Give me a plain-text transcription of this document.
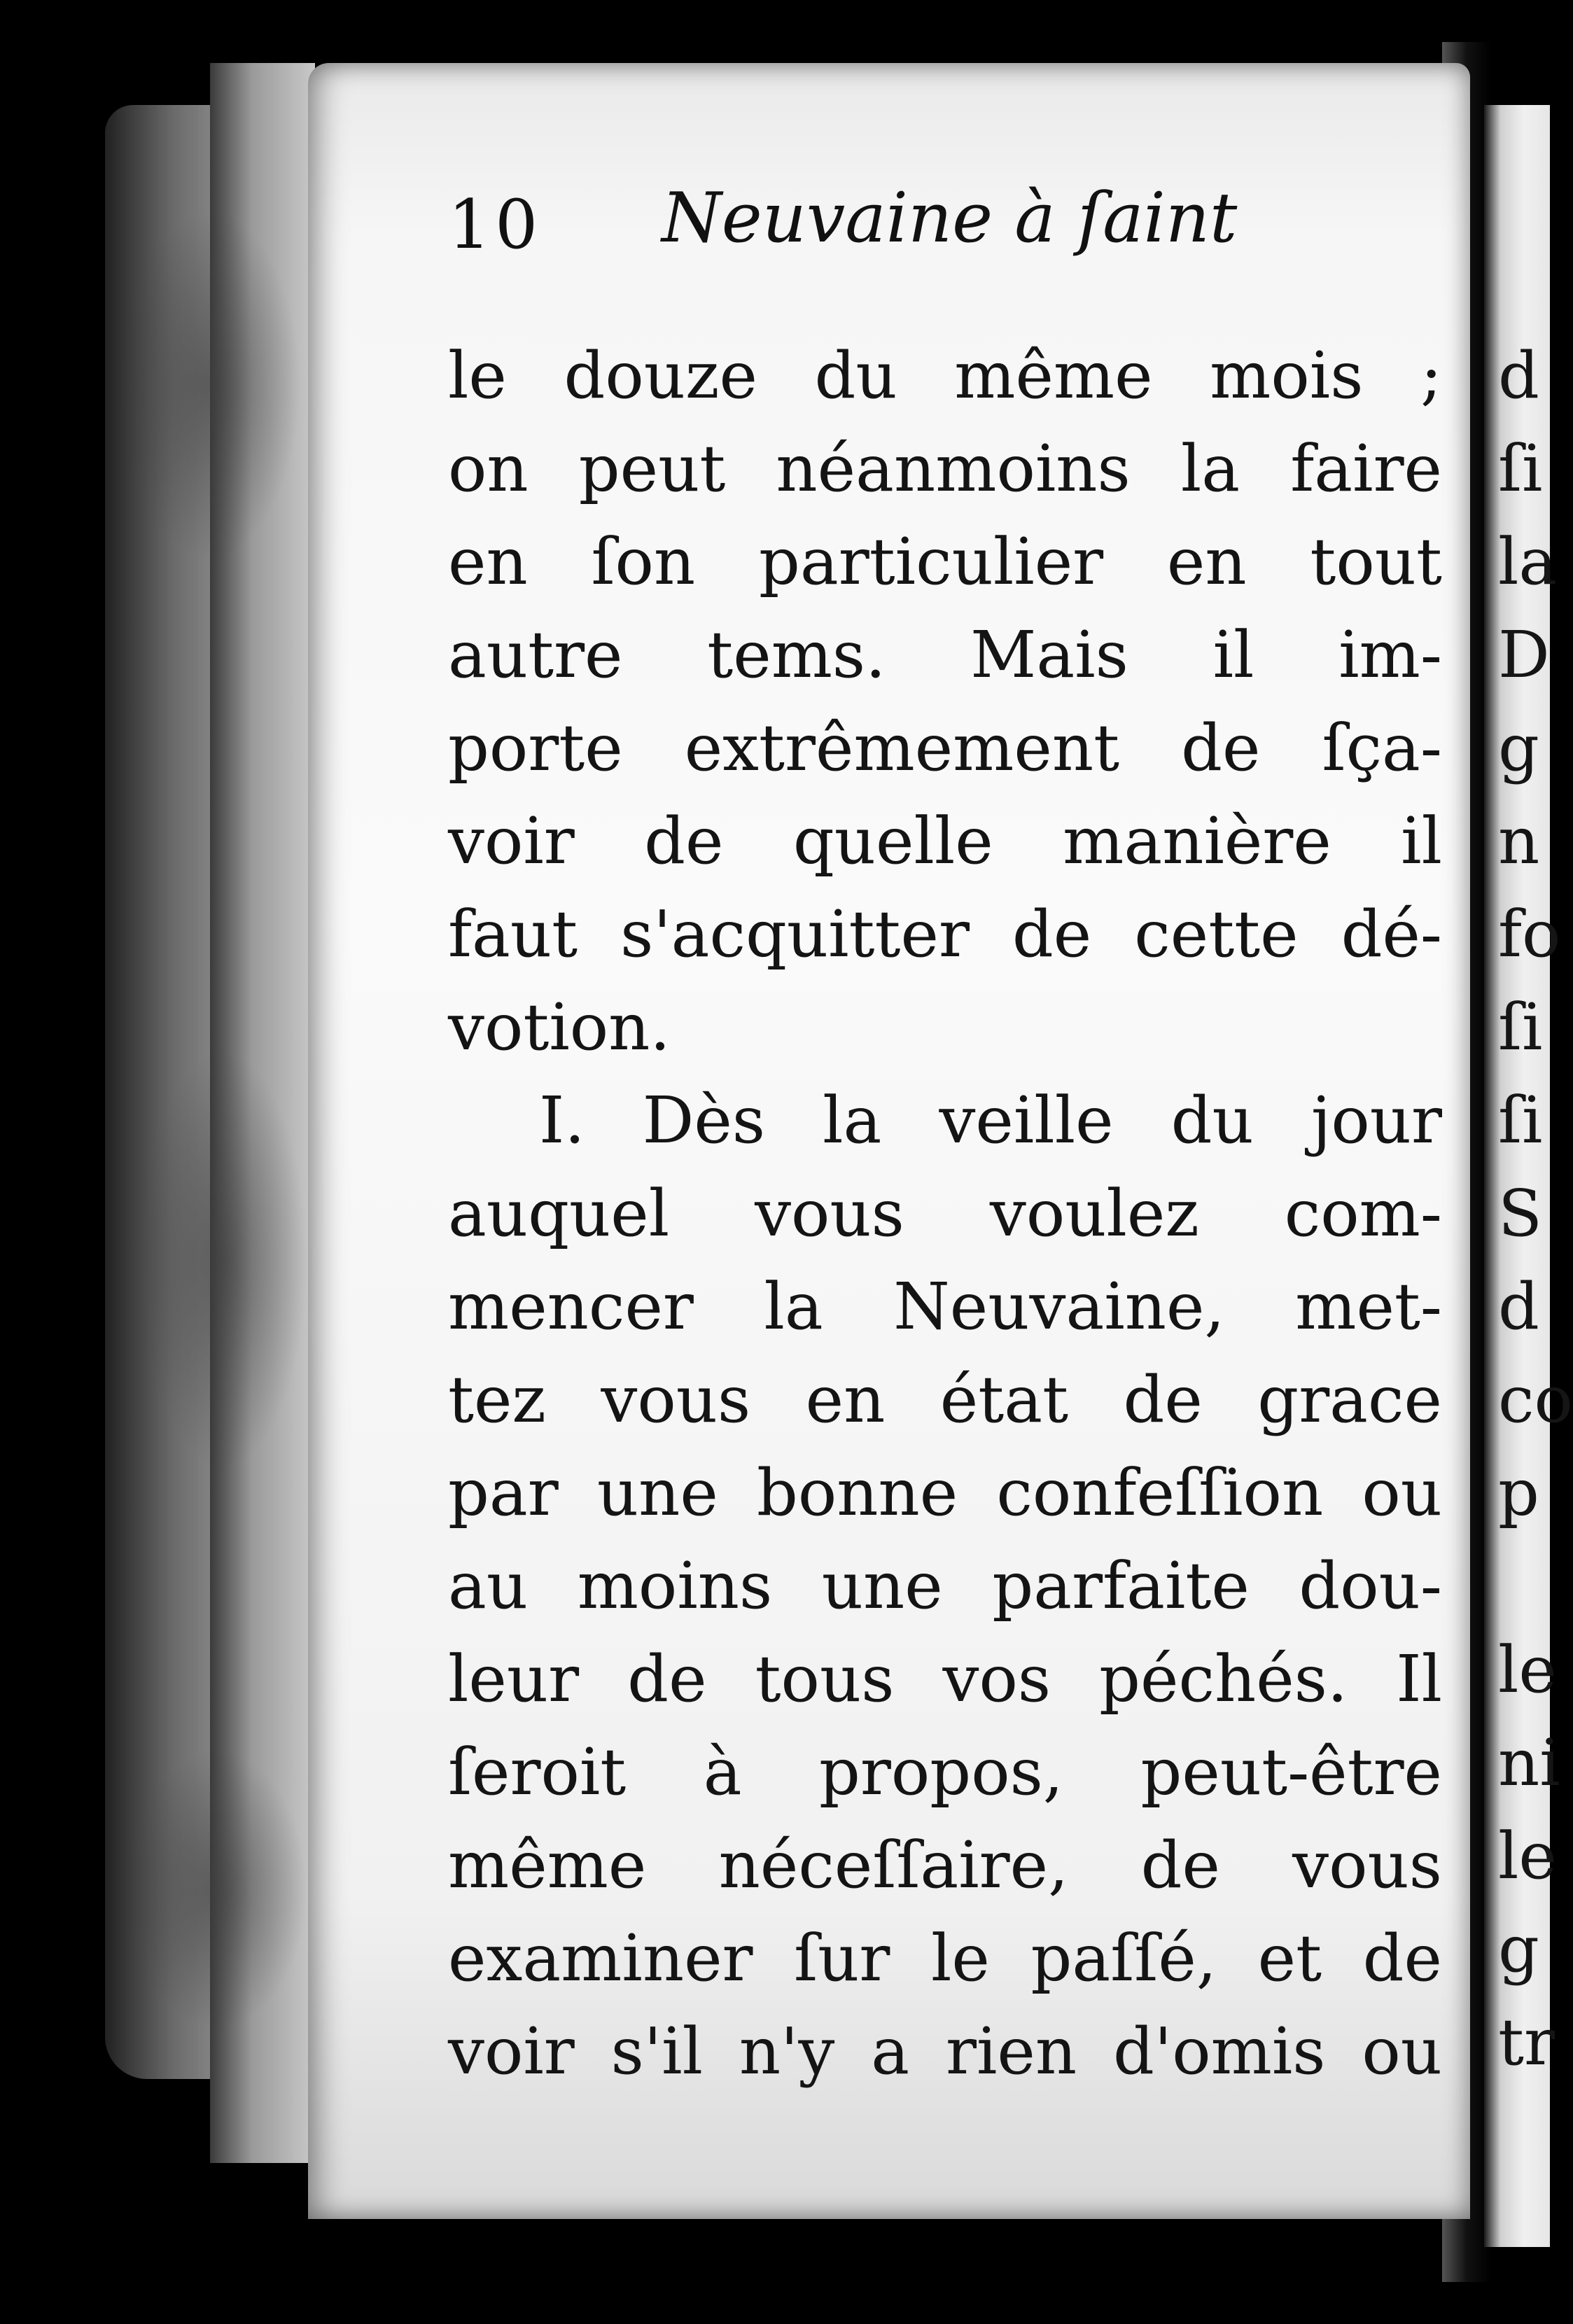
10 Neuvaine à ſaint
le douze du même mois ;
on peut néanmoins la faire
en ſon particulier en tout
autre tems. Mais il im-
porte extrêmement de ſça-
voir de quelle manière il
faut s'acquitter de cette dé-
votion.
I. Dès la veille du jour
auquel vous voulez com-
mencer la Neuvaine, met-
tez vous en état de grace
par une bonne confeſſion ou
au moins une parfaite dou-
leur de tous vos péchés. Il
ſeroit à propos, peut-être
même néceſſaire, de vous
examiner ſur le paſſé, et de
voir s'il n'y a rien d'omis ou
d
ſi
la
D
g
n
fo
ſi
ſi
S
d
co
p
le
ni
le
g
tr
